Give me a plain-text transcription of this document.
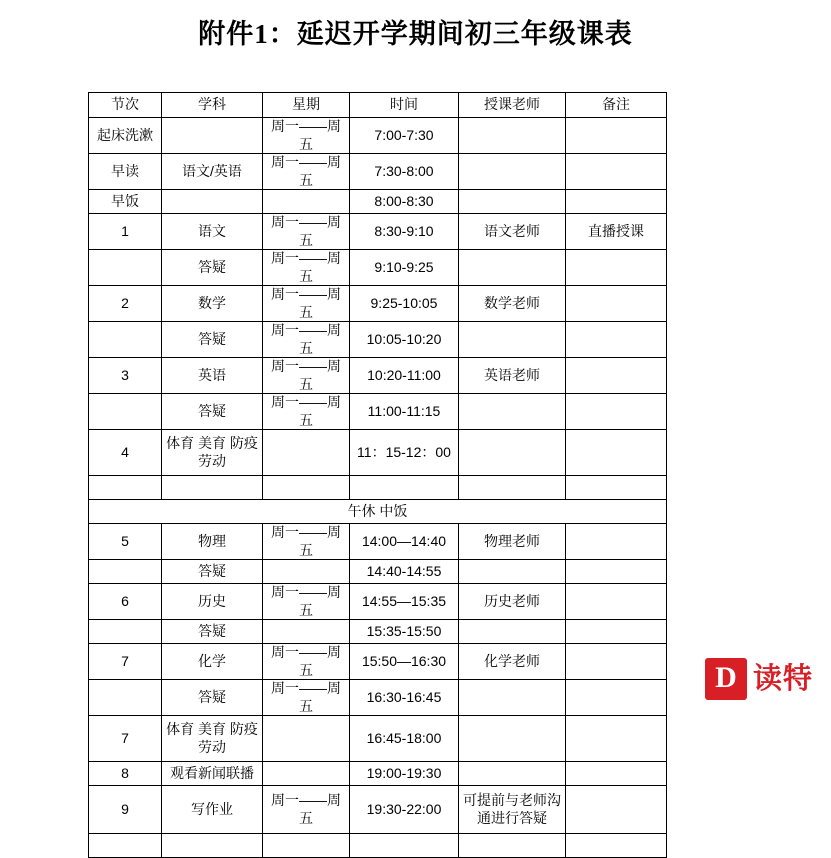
附件1：延迟开学期间初三年级课表
节次	学科	星期	时间	授课老师	备注
起床洗漱		周一——周五	7:00-7:30		
早读	语文/英语	周一——周五	7:30-8:00		
早饭			8:00-8:30		
1	语文	周一——周五	8:30-9:10	语文老师	直播授课
	答疑	周一——周五	9:10-9:25		
2	数学	周一——周五	9:25-10:05	数学老师	
	答疑	周一——周五	10:05-10:20		
3	英语	周一——周五	10:20-11:00	英语老师	
	答疑	周一——周五	11:00-11:15		
4	体育 美育 防疫 劳动		11：15-12：00		

午休 中饭					
5	物理	周一——周五	14:00—14:40	物理老师	
	答疑		14:40-14:55		
6	历史	周一——周五	14:55—15:35	历史老师	
	答疑		15:35-15:50		
7	化学	周一——周五	15:50—16:30	化学老师	
	答疑	周一——周五	16:30-16:45		
7	体育 美育 防疫 劳动		16:45-18:00		
8	观看新闻联播		19:00-19:30		
9	写作业	周一——周五	19:30-22:00	可提前与老师沟通进行答疑	

D 读特
